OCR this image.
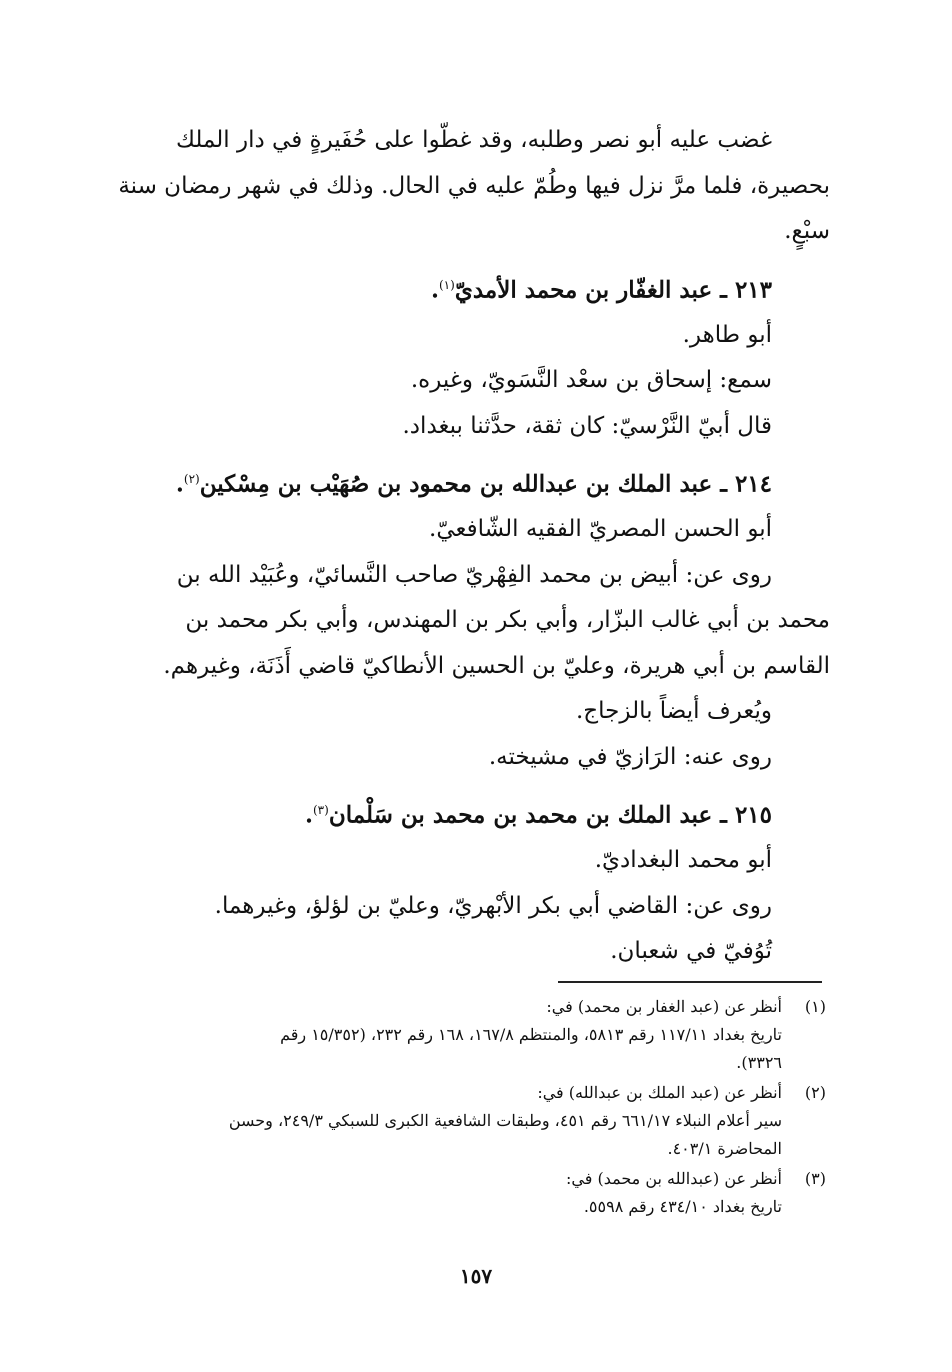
غضب عليه أبو نصر وطلبه، وقد غطّوا على حُفَيرةٍ في دار الملك

بحصيرة، فلما مرَّ نزل فيها وطُمّ عليه في الحال. وذلك في شهر رمضان سنة

سبْعٍ.

٢١٣ ـ عبد الغفّار بن محمد الأمديّ$^{(١)}$.

أبو طاهر.

سمع: إسحاق بن سعْد النَّسَويّ، وغيره.

قال أبيّ النَّرْسيّ: كان ثقة، حدَّثنا ببغداد.

٢١٤ ـ عبد الملك بن عبدالله بن محمود بن صُهَيْب بن مِسْكين$^{(٢)}$.

أبو الحسن المصريّ الفقيه الشّافعيّ.

روى عن: أبيض بن محمد الفِهْريّ صاحب النَّسائيّ، وعُبَيْد الله بن

محمد بن أبي غالب البزّار، وأبي بكر بن المهندس، وأبي بكر محمد بن

القاسم بن أبي هريرة، وعليّ بن الحسين الأنطاكيّ قاضي أَذَنَة، وغيرهم.

ويُعرف أيضاً بالزجاج.

روى عنه: الرَازيّ في مشيخته.

٢١٥ ـ عبد الملك بن محمد بن محمد بن سَلْمان$^{(٣)}$.

أبو محمد البغداديّ.

روى عن: القاضي أبي بكر الأبْهريّ، وعليّ بن لؤلؤ، وغيرهما.

تُوُفيّ في شعبان.

(١)
أنظر عن (عبد الغفار بن محمد) في:
تاريخ بغداد ١١٧/١١ رقم ٥٨١٣، والمنتظم ١٦٧/٨، ١٦٨ رقم ٢٣٢، (١٥/٣٥٢ رقم
٣٣٢٦).
(٢)
أنظر عن (عبد الملك بن عبدالله) في:
سير أعلام النبلاء ٦٦١/١٧ رقم ٤٥١، وطبقات الشافعية الكبرى للسبكي ٢٤٩/٣، وحسن
المحاضرة ٤٠٣/١.
(٣)
أنظر عن (عبدالله بن محمد) في:
تاريخ بغداد ٤٣٤/١٠ رقم ٥٥٩٨.
١٥٧
